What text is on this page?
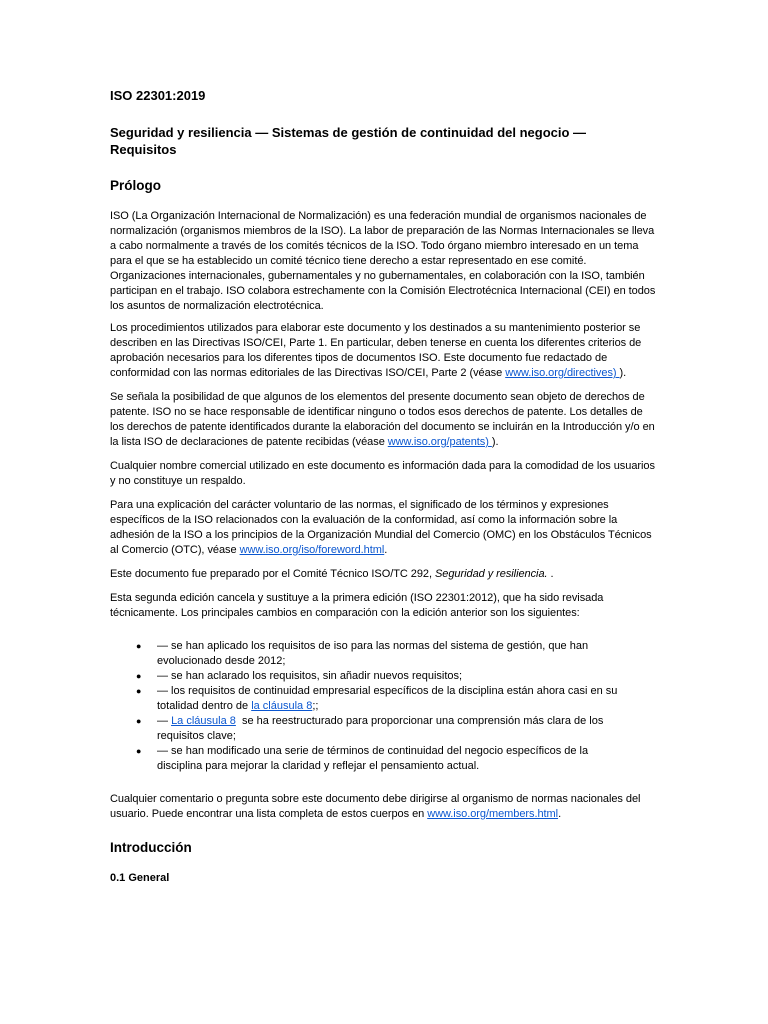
ISO 22301:2019

Seguridad y resiliencia — Sistemas de gestión de continuidad del negocio — Requisitos

Prólogo

ISO (La Organización Internacional de Normalización) es una federación mundial de organismos nacionales de normalización (organismos miembros de la ISO). La labor de preparación de las Normas Internacionales se lleva a cabo normalmente a través de los comités técnicos de la ISO. Todo órgano miembro interesado en un tema para el que se ha establecido un comité técnico tiene derecho a estar representado en ese comité. Organizaciones internacionales, gubernamentales y no gubernamentales, en colaboración con la ISO, también participan en el trabajo. ISO colabora estrechamente con la Comisión Electrotécnica Internacional (CEI) en todos los asuntos de normalización electrotécnica.

Los procedimientos utilizados para elaborar este documento y los destinados a su mantenimiento posterior se describen en las Directivas ISO/CEI, Parte 1. En particular, deben tenerse en cuenta los diferentes criterios de aprobación necesarios para los diferentes tipos de documentos ISO. Este documento fue redactado de conformidad con las normas editoriales de las Directivas ISO/CEI, Parte 2 (véase www.iso.org/directives) ).

Se señala la posibilidad de que algunos de los elementos del presente documento sean objeto de derechos de patente. ISO no se hace responsable de identificar ninguno o todos esos derechos de patente. Los detalles de los derechos de patente identificados durante la elaboración del documento se incluirán en la Introducción y/o en la lista ISO de declaraciones de patente recibidas (véase www.iso.org/patents) ).

Cualquier nombre comercial utilizado en este documento es información dada para la comodidad de los usuarios y no constituye un respaldo.

Para una explicación del carácter voluntario de las normas, el significado de los términos y expresiones específicos de la ISO relacionados con la evaluación de la conformidad, así como la información sobre la adhesión de la ISO a los principios de la Organización Mundial del Comercio (OMC) en los Obstáculos Técnicos al Comercio (OTC), véase www.iso.org/iso/foreword.html.

Este documento fue preparado por el Comité Técnico ISO/TC 292, Seguridad y resiliencia. .

Esta segunda edición cancela y sustituye a la primera edición (ISO 22301:2012), que ha sido revisada técnicamente. Los principales cambios en comparación con la edición anterior son los siguientes:

● — se han aplicado los requisitos de iso para las normas del sistema de gestión, que han evolucionado desde 2012;
● — se han aclarado los requisitos, sin añadir nuevos requisitos;
● — los requisitos de continuidad empresarial específicos de la disciplina están ahora casi en su totalidad dentro de la cláusula 8;;
● — La cláusula 8  se ha reestructurado para proporcionar una comprensión más clara de los requisitos clave;
● — se han modificado una serie de términos de continuidad del negocio específicos de la disciplina para mejorar la claridad y reflejar el pensamiento actual.

Cualquier comentario o pregunta sobre este documento debe dirigirse al organismo de normas nacionales del usuario. Puede encontrar una lista completa de estos cuerpos en www.iso.org/members.html.

Introducción

0.1 General
